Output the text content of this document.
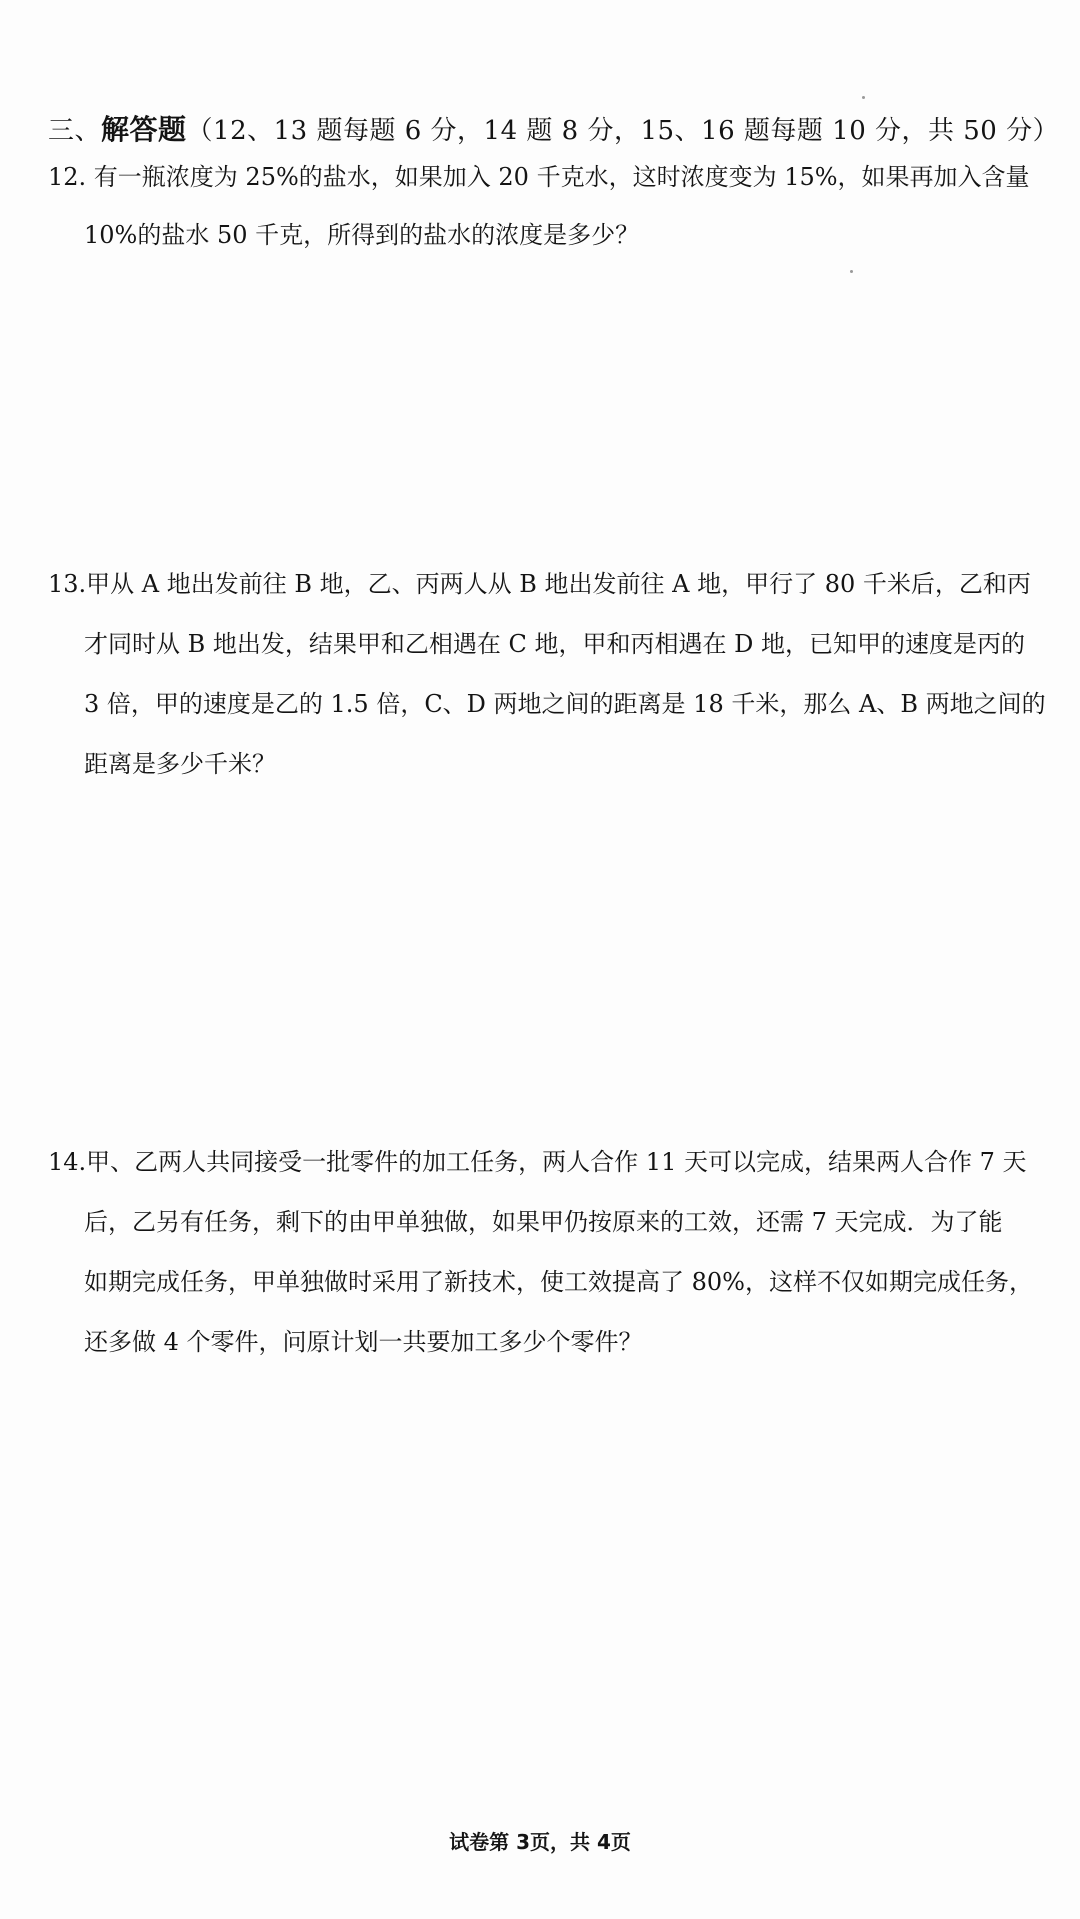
三、解答题（12、13 题每题 6 分，14 题 8 分，15、16 题每题 10 分，共 50 分）
12. 有一瓶浓度为 25%的盐水，如果加入 20 千克水，这时浓度变为 15%，如果再加入含量
10%的盐水 50 千克，所得到的盐水的浓度是多少？
13.甲从 A 地出发前往 B 地，乙、丙两人从 B 地出发前往 A 地，甲行了 80 千米后，乙和丙
才同时从 B 地出发，结果甲和乙相遇在 C 地，甲和丙相遇在 D 地，已知甲的速度是丙的
3 倍，甲的速度是乙的 1.5 倍，C、D 两地之间的距离是 18 千米，那么 A、B 两地之间的
距离是多少千米？
14.甲、乙两人共同接受一批零件的加工任务，两人合作 11 天可以完成，结果两人合作 7 天
后，乙另有任务，剩下的由甲单独做，如果甲仍按原来的工效，还需 7 天完成．为了能
如期完成任务，甲单独做时采用了新技术，使工效提高了 80%，这样不仅如期完成任务，
还多做 4 个零件，问原计划一共要加工多少个零件？
试卷第 3页，共 4页
